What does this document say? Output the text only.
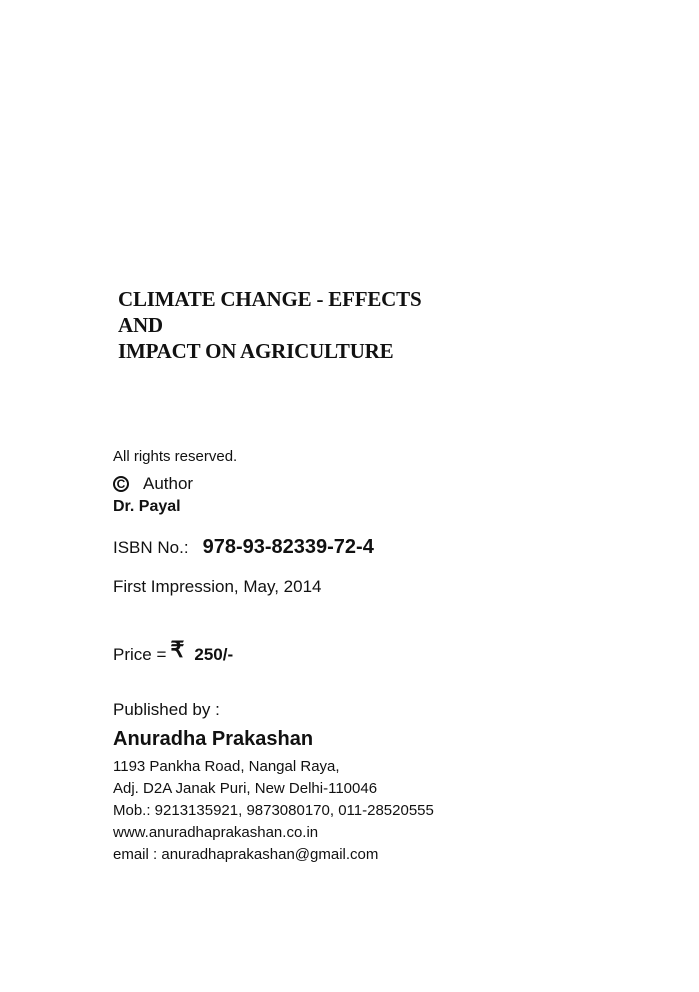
CLIMATE CHANGE - EFFECTS
AND
IMPACT ON AGRICULTURE
All rights reserved.
C Author
Dr. Payal
ISBN No.: 978-93-82339-72-4
First Impression, May, 2014
Price = ₹ 250/-
Published by :
Anuradha Prakashan
1193 Pankha Road, Nangal Raya,
Adj. D2A Janak Puri, New Delhi-110046
Mob.: 9213135921, 9873080170, 011-28520555
www.anuradhaprakashan.co.in
email : anuradhaprakashan@gmail.com
